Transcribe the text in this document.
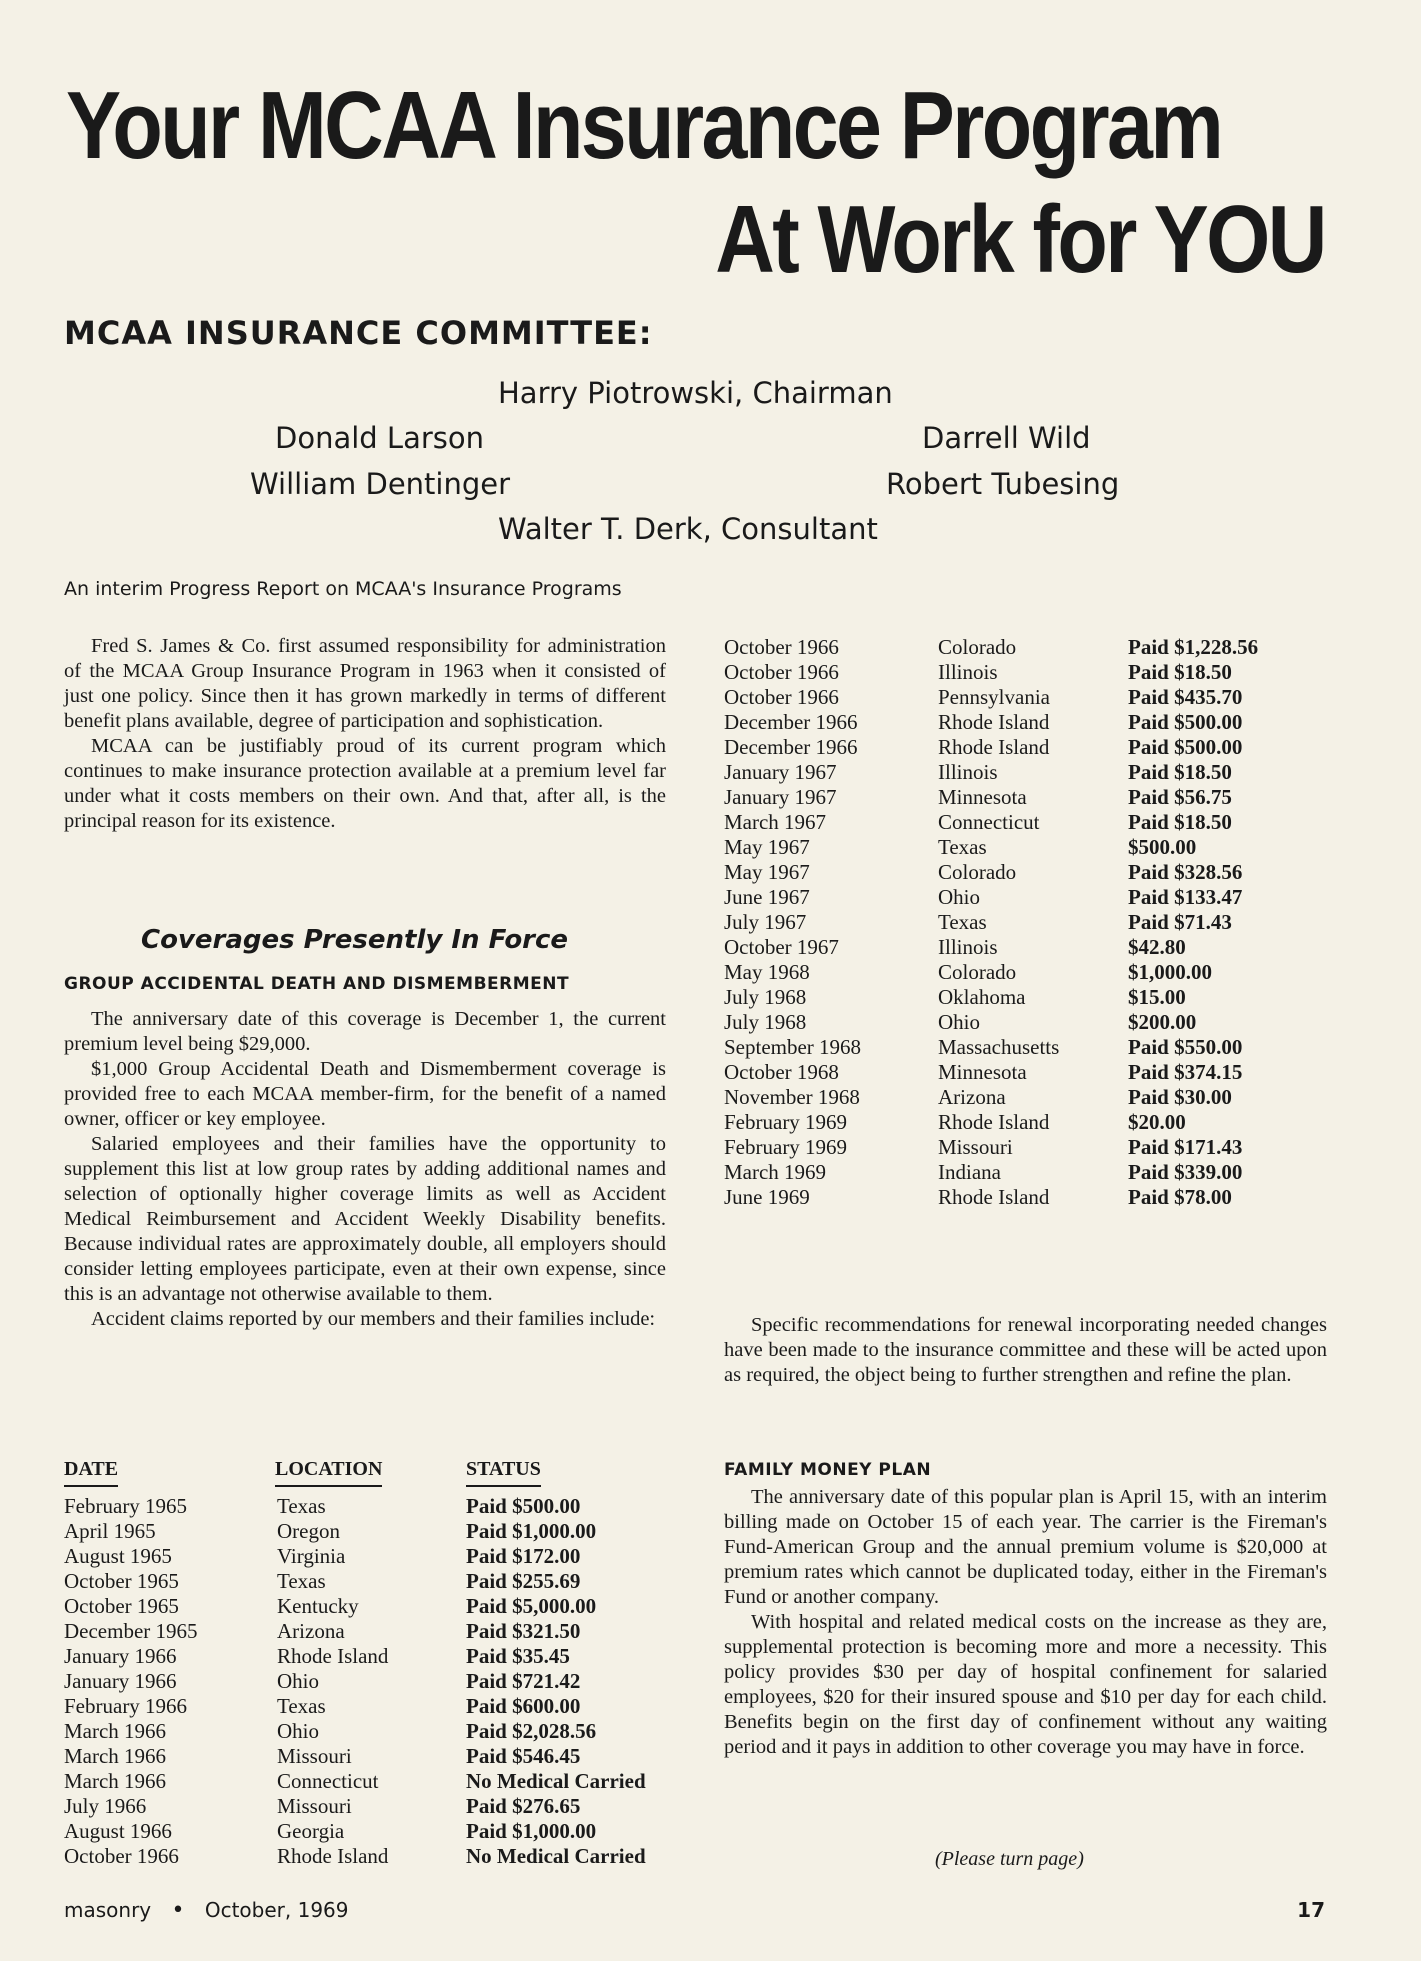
Your MCAA Insurance Program
At Work for YOU
MCAA INSURANCE COMMITTEE:
Harry Piotrowski, Chairman
Donald Larson	Darrell Wild
William Dentinger	Robert Tubesing
Walter T. Derk, Consultant
An interim Progress Report on MCAA's Insurance Programs

Fred S. James & Co. first assumed responsibility for administration of the MCAA Group Insurance Program in 1963 when it consisted of just one policy. Since then it has grown markedly in terms of different benefit plans available, degree of participation and sophistication.

MCAA can be justifiably proud of its current program which continues to make insurance protection available at a premium level far under what it costs members on their own. And that, after all, is the principal reason for its existence.

Coverages Presently In Force
GROUP ACCIDENTAL DEATH AND DISMEMBERMENT

The anniversary date of this coverage is December 1, the current premium level being $29,000.

$1,000 Group Accidental Death and Dismemberment coverage is provided free to each MCAA member-firm, for the benefit of a named owner, officer or key employee.

Salaried employees and their families have the opportunity to supplement this list at low group rates by adding additional names and selection of optionally higher coverage limits as well as Accident Medical Reimbursement and Accident Weekly Disability benefits. Because individual rates are approximately double, all employers should consider letting employees participate, even at their own expense, since this is an advantage not otherwise available to them.

Accident claims reported by our members and their families include:

DATE	LOCATION	STATUS
February 1965	Texas	Paid $500.00
April 1965	Oregon	Paid $1,000.00
August 1965	Virginia	Paid $172.00
October 1965	Texas	Paid $255.69
October 1965	Kentucky	Paid $5,000.00
December 1965	Arizona	Paid $321.50
January 1966	Rhode Island	Paid $35.45
January 1966	Ohio	Paid $721.42
February 1966	Texas	Paid $600.00
March 1966	Ohio	Paid $2,028.56
March 1966	Missouri	Paid $546.45
March 1966	Connecticut	No Medical Carried
July 1966	Missouri	Paid $276.65
August 1966	Georgia	Paid $1,000.00
October 1966	Rhode Island	No Medical Carried
October 1966	Colorado	Paid $1,228.56
October 1966	Illinois	Paid $18.50
October 1966	Pennsylvania	Paid $435.70
December 1966	Rhode Island	Paid $500.00
December 1966	Rhode Island	Paid $500.00
January 1967	Illinois	Paid $18.50
January 1967	Minnesota	Paid $56.75
March 1967	Connecticut	Paid $18.50
May 1967	Texas	$500.00
May 1967	Colorado	Paid $328.56
June 1967	Ohio	Paid $133.47
July 1967	Texas	Paid $71.43
October 1967	Illinois	$42.80
May 1968	Colorado	$1,000.00
July 1968	Oklahoma	$15.00
July 1968	Ohio	$200.00
September 1968	Massachusetts	Paid $550.00
October 1968	Minnesota	Paid $374.15
November 1968	Arizona	Paid $30.00
February 1969	Rhode Island	$20.00
February 1969	Missouri	Paid $171.43
March 1969	Indiana	Paid $339.00
June 1969	Rhode Island	Paid $78.00

Specific recommendations for renewal incorporating needed changes have been made to the insurance committee and these will be acted upon as required, the object being to further strengthen and refine the plan.

FAMILY MONEY PLAN

The anniversary date of this popular plan is April 15, with an interim billing made on October 15 of each year. The carrier is the Fireman's Fund-American Group and the annual premium volume is $20,000 at premium rates which cannot be duplicated today, either in the Fireman's Fund or another company.

With hospital and related medical costs on the increase as they are, supplemental protection is becoming more and more a necessity. This policy provides $30 per day of hospital confinement for salaried employees, $20 for their insured spouse and $10 per day for each child. Benefits begin on the first day of confinement without any waiting period and it pays in addition to other coverage you may have in force.

(Please turn page)
masonry • October, 1969	17
